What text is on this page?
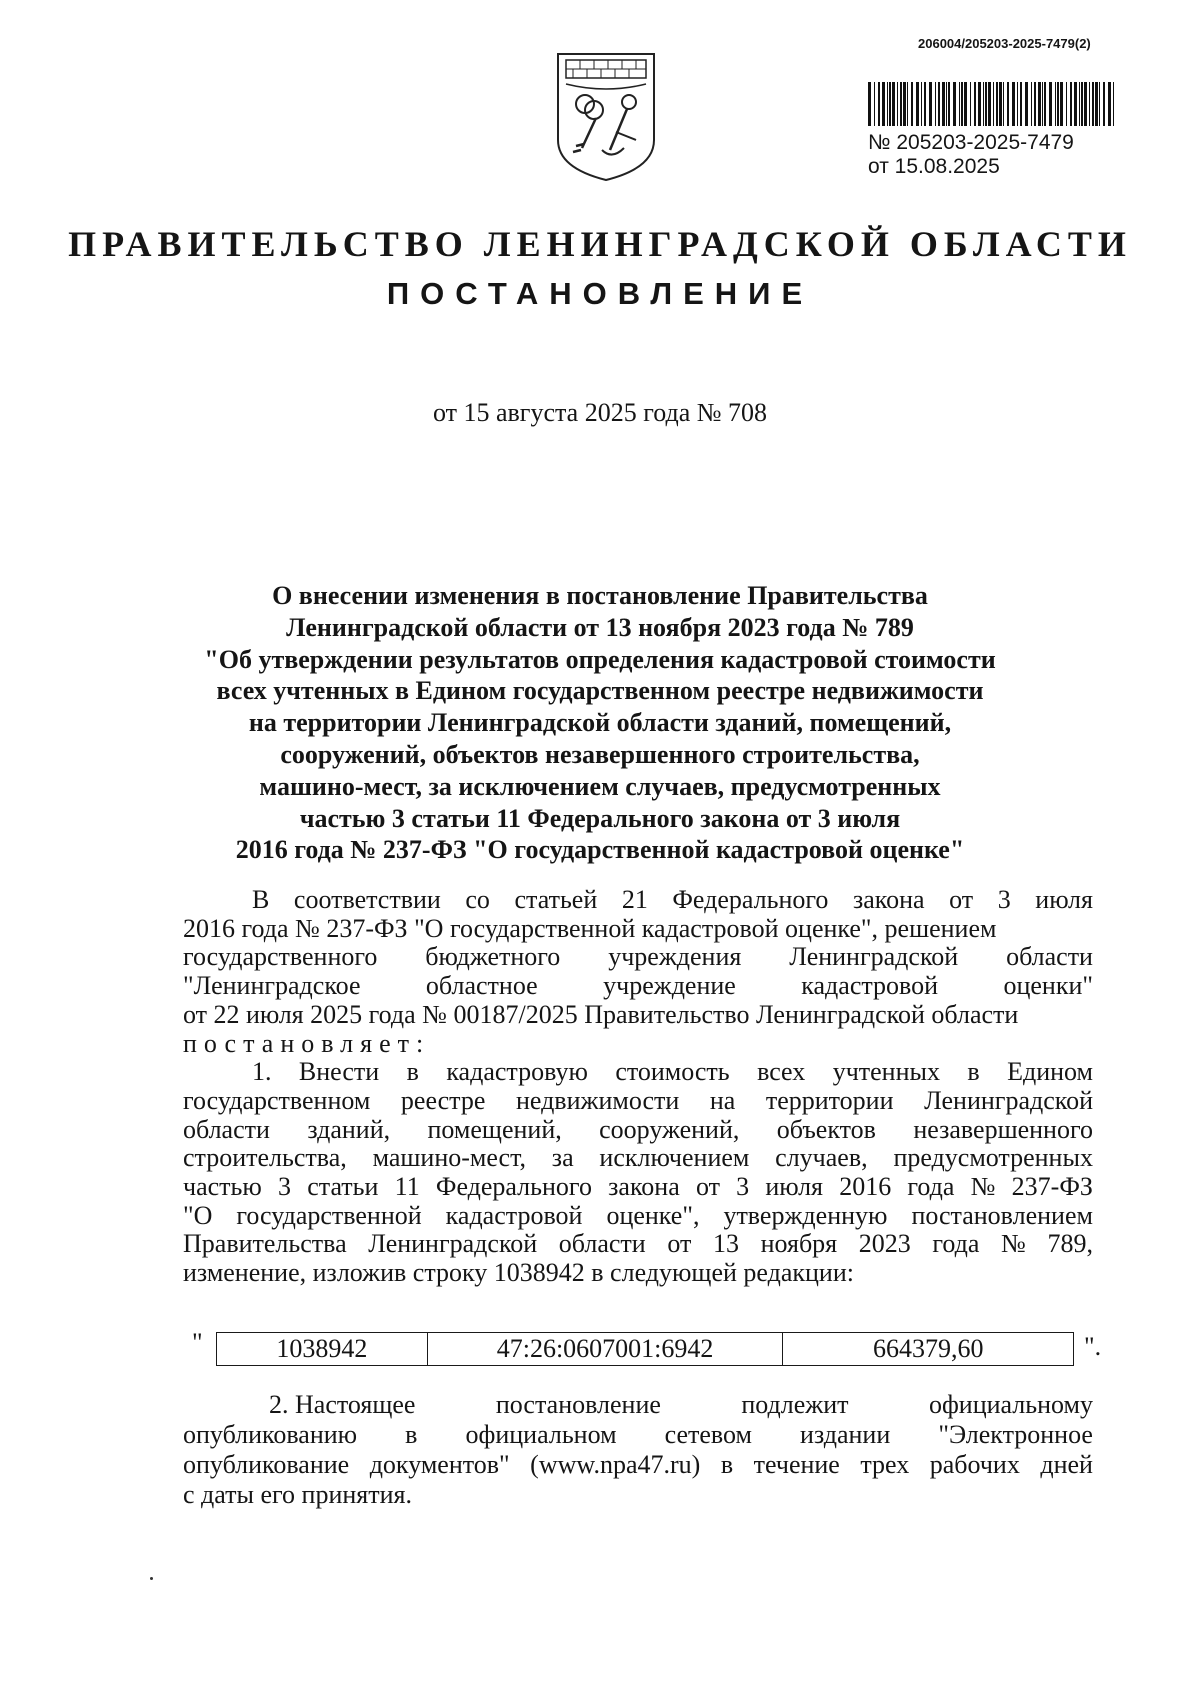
206004/205203-2025-7479(2)
№ 205203-2025-7479
от 15.08.2025
ПРАВИТЕЛЬСТВО ЛЕНИНГРАДСКОЙ ОБЛАСТИ
ПОСТАНОВЛЕНИЕ
от 15 августа 2025 года № 708
О внесении изменения в постановление Правительства
Ленинградской области от 13 ноября 2023 года № 789
"Об утверждении результатов определения кадастровой стоимости
всех учтенных в Едином государственном реестре недвижимости
на территории Ленинградской области зданий, помещений,
сооружений, объектов незавершенного строительства,
машино-мест, за исключением случаев, предусмотренных
частью 3 статьи 11 Федерального закона от 3 июля
2016 года № 237-ФЗ "О государственной кадастровой оценке"
В соответствии со статьей 21 Федерального закона от 3 июля
2016 года № 237-ФЗ "О государственной кадастровой оценке", решением
государственного бюджетного учреждения Ленинградской области
"Ленинградское	областное	учреждение	кадастровой	оценки"
от 22 июля 2025 года № 00187/2025 Правительство Ленинградской области
постановляет:
1. Внести в кадастровую стоимость всех учтенных в Едином
государственном реестре недвижимости на территории Ленинградской
области зданий, помещений, сооружений, объектов незавершенного
строительства, машино-мест, за исключением случаев, предусмотренных
частью 3 статьи 11 Федерального закона от 3 июля 2016 года № 237-ФЗ
"О государственной кадастровой оценке", утвержденную постановлением
Правительства Ленинградской области от 13 ноября 2023 года № 789,
изменение, изложив строку 1038942 в следующей редакции:
"	1038942	47:26:0607001:6942	664379,60	".
2. Настоящее	постановление	подлежит	официальному
опубликованию в официальном сетевом издании "Электронное
опубликование документов" (www.npa47.ru) в течение трех рабочих дней
с даты его принятия.
